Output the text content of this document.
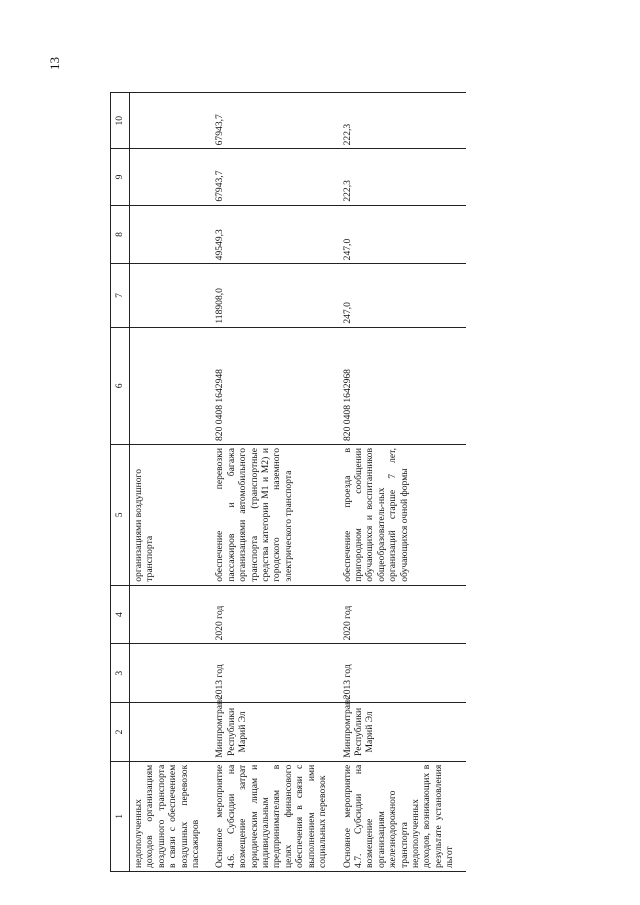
13
1	2	3	4	5	6	7	8	9	10
недополученных доходов организациям воздушного транспорта в связи с обеспечением воздушных перевозок пассажиров				организациями воздушного транспорта					
Основное мероприятие 4.6. Субсидии на возмещение затрат юридическим лицам и индивидуальным предпринимателям в целях финансового обеспечения в связи с выполнением ими социальных перевозок	Минпромтранс Республики Марий Эл	2013 год	2020 год	обеспечение перевозки пассажиров и багажа организациями автомобильного транспорта (транспортные средства категории М1 и М2) и городского наземного электрического транспорта	820 0408 1642948	118908,0	49549,3	67943,7	67943,7
Основное мероприятие 4.7. Субсидии на возмещение организациям железнодорожного транспорта недополученных доходов, возникающих в результате установления льгот	Минпромтранс Республики Марий Эл	2013 год	2020 год	обеспечение проезда в пригородном сообщении обучающихся и воспитанников общеобразователь-ных организаций старше 7 лет, обучающихся очной формы	820 0408 1642968	247,0	247,0	222,3	222,3
